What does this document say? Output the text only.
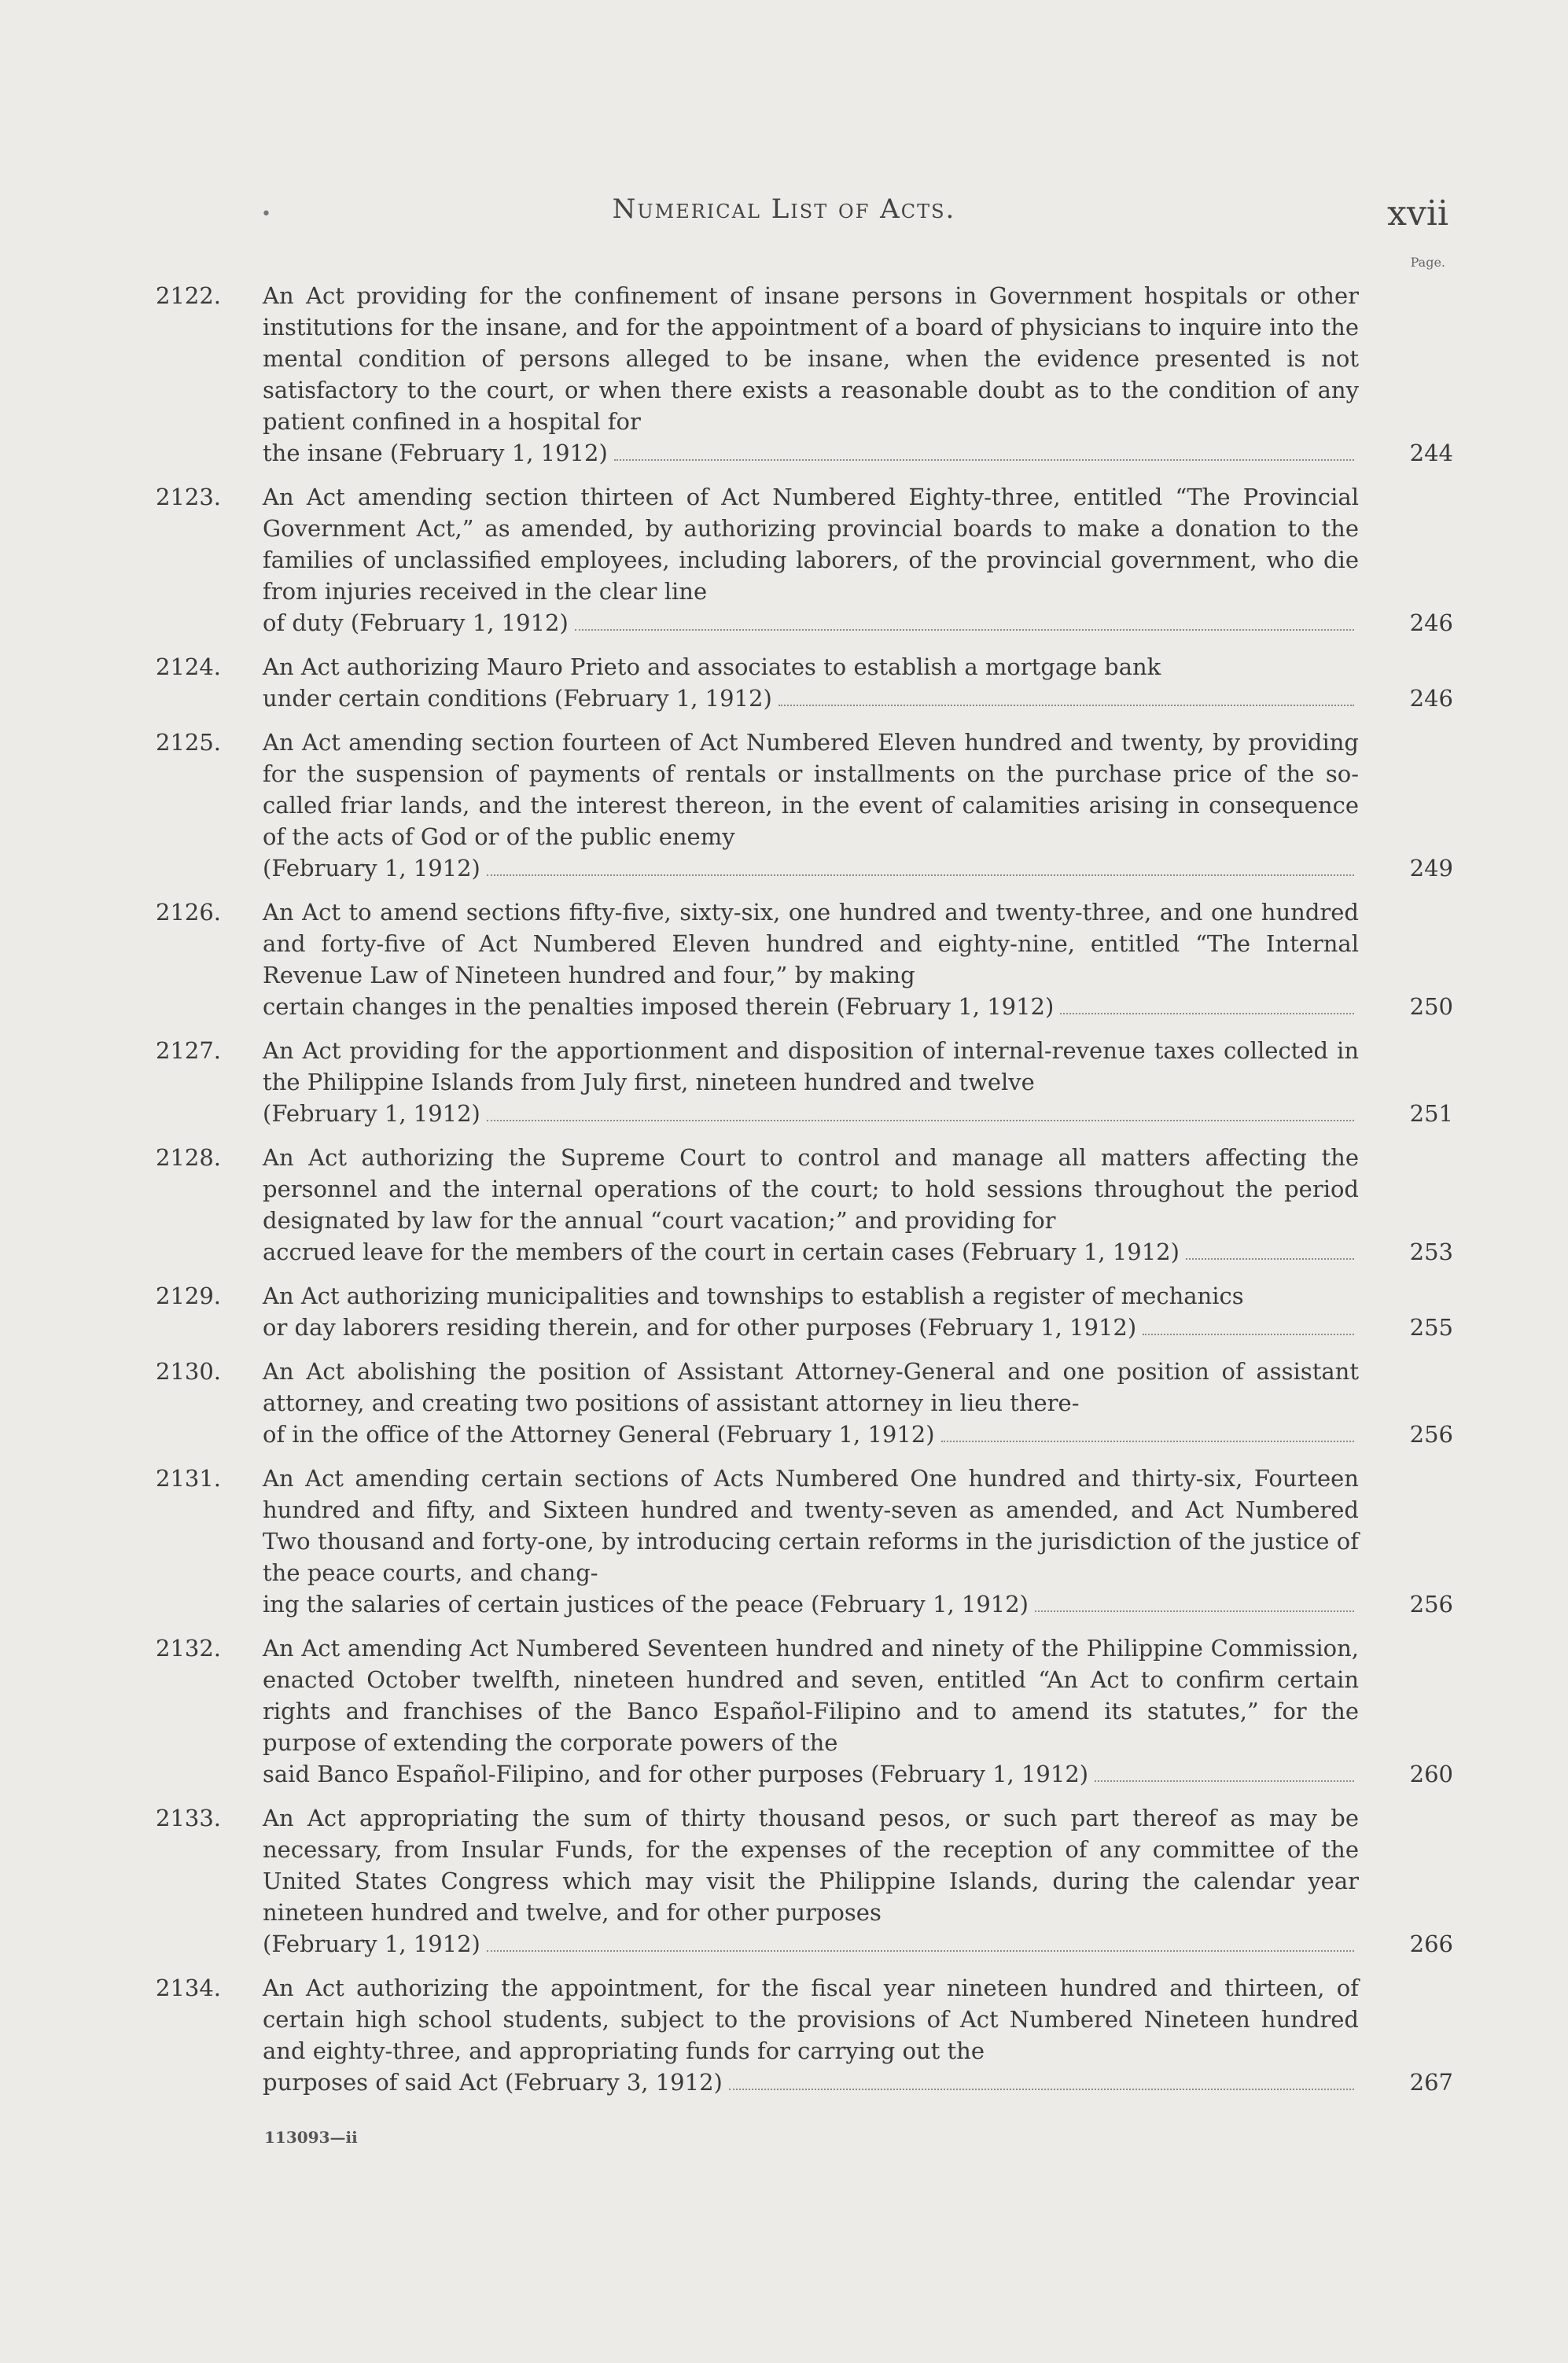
•	Numerical List of Acts.	xvii
Page.
2122.	An Act providing for the confinement of insane persons in Government hospitals or other institutions for the insane, and for the appointment of a board of physicians to inquire into the mental condition of persons alleged to be insane, when the evidence presented is not satisfactory to the court, or when there exists a reasonable doubt as to the condition of any patient confined in a hospital for
the insane (February 1, 1912)	244
2123.	An Act amending section thirteen of Act Numbered Eighty-three, entitled “The Provincial Government Act,” as amended, by authorizing provincial boards to make a donation to the families of unclassified employees, including laborers, of the provincial government, who die from injuries received in the clear line
of duty (February 1, 1912)	246
2124.	An Act authorizing Mauro Prieto and associates to establish a mortgage bank
under certain conditions (February 1, 1912)	246
2125.	An Act amending section fourteen of Act Numbered Eleven hundred and twenty, by providing for the suspension of payments of rentals or installments on the purchase price of the so-called friar lands, and the interest thereon, in the event of calamities arising in consequence of the acts of God or of the public enemy
(February 1, 1912)	249
2126.	An Act to amend sections fifty-five, sixty-six, one hundred and twenty-three, and one hundred and forty-five of Act Numbered Eleven hundred and eighty-nine, entitled “The Internal Revenue Law of Nineteen hundred and four,” by making
certain changes in the penalties imposed therein (February 1, 1912)	250
2127.	An Act providing for the apportionment and disposition of internal-revenue taxes collected in the Philippine Islands from July first, nineteen hundred and twelve
(February 1, 1912)	251
2128.	An Act authorizing the Supreme Court to control and manage all matters affecting the personnel and the internal operations of the court; to hold sessions throughout the period designated by law for the annual “court vacation;” and providing for
accrued leave for the members of the court in certain cases (February 1, 1912)	253
2129.	An Act authorizing municipalities and townships to establish a register of mechanics
or day laborers residing therein, and for other purposes (February 1, 1912)	255
2130.	An Act abolishing the position of Assistant Attorney-General and one position of assistant attorney, and creating two positions of assistant attorney in lieu there-
of in the office of the Attorney General (February 1, 1912)	256
2131.	An Act amending certain sections of Acts Numbered One hundred and thirty-six, Fourteen hundred and fifty, and Sixteen hundred and twenty-seven as amended, and Act Numbered Two thousand and forty-one, by introducing certain reforms in the jurisdiction of the justice of the peace courts, and chang-
ing the salaries of certain justices of the peace (February 1, 1912)	256
2132.	An Act amending Act Numbered Seventeen hundred and ninety of the Philippine Commission, enacted October twelfth, nineteen hundred and seven, entitled “An Act to confirm certain rights and franchises of the Banco Español-Filipino and to amend its statutes,” for the purpose of extending the corporate powers of the
said Banco Español-Filipino, and for other purposes (February 1, 1912)	260
2133.	An Act appropriating the sum of thirty thousand pesos, or such part thereof as may be necessary, from Insular Funds, for the expenses of the reception of any committee of the United States Congress which may visit the Philippine Islands, during the calendar year nineteen hundred and twelve, and for other purposes
(February 1, 1912)	266
2134.	An Act authorizing the appointment, for the fiscal year nineteen hundred and thirteen, of certain high school students, subject to the provisions of Act Numbered Nineteen hundred and eighty-three, and appropriating funds for carrying out the
purposes of said Act (February 3, 1912)	267
113093—ii
